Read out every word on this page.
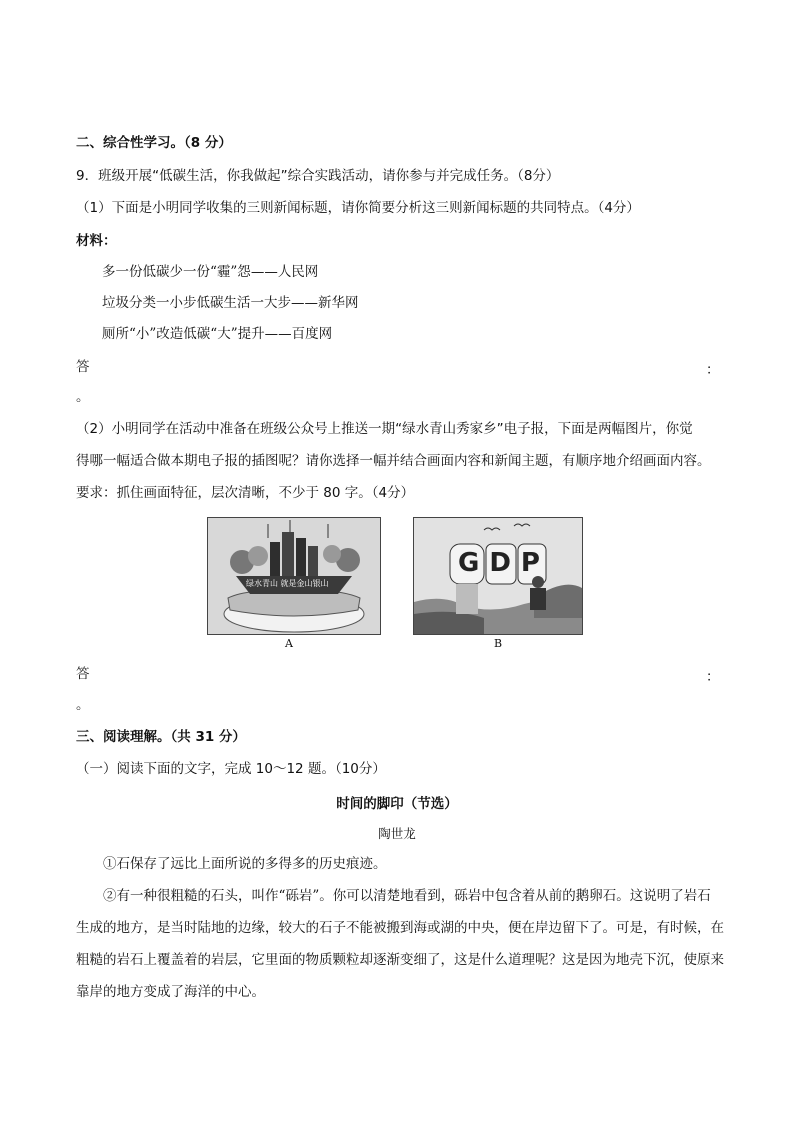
二、综合性学习。（8 分）
9．班级开展“低碳生活，你我做起”综合实践活动，请你参与并完成任务。（8分）
（1）下面是小明同学收集的三则新闻标题，请你简要分析这三则新闻标题的共同特点。（4分）
材料：
多一份低碳少一份“霾”怨——人民网
垃圾分类一小步低碳生活一大步——新华网
厕所“小”改造低碳“大”提升——百度网
答	：
。
（2）小明同学在活动中准备在班级公众号上推送一期“绿水青山秀家乡”电子报，下面是两幅图片，你觉
得哪一幅适合做本期电子报的插图呢？请你选择一幅并结合画面内容和新闻主题，有顺序地介绍画面内容。
要求：抓住画面特征，层次清晰，不少于 80 字。（4分）
绿水青山 就是金山银山
A
GDP
B
答	：
。
三、阅读理解。（共 31 分）
（一）阅读下面的文字，完成 10～12 题。（10分）
时间的脚印（节选）
陶世龙
①石保存了远比上面所说的多得多的历史痕迹。
②有一种很粗糙的石头，叫作“砾岩”。你可以清楚地看到，砾岩中包含着从前的鹅卵石。这说明了岩石生成的地方，是当时陆地的边缘，较大的石子不能被搬到海或湖的中央，便在岸边留下了。可是，有时候，在粗糙的岩石上覆盖着的岩层，它里面的物质颗粒却逐渐变细了，这是什么道理呢？这是因为地壳下沉，使原来靠岸的地方变成了海洋的中心。
